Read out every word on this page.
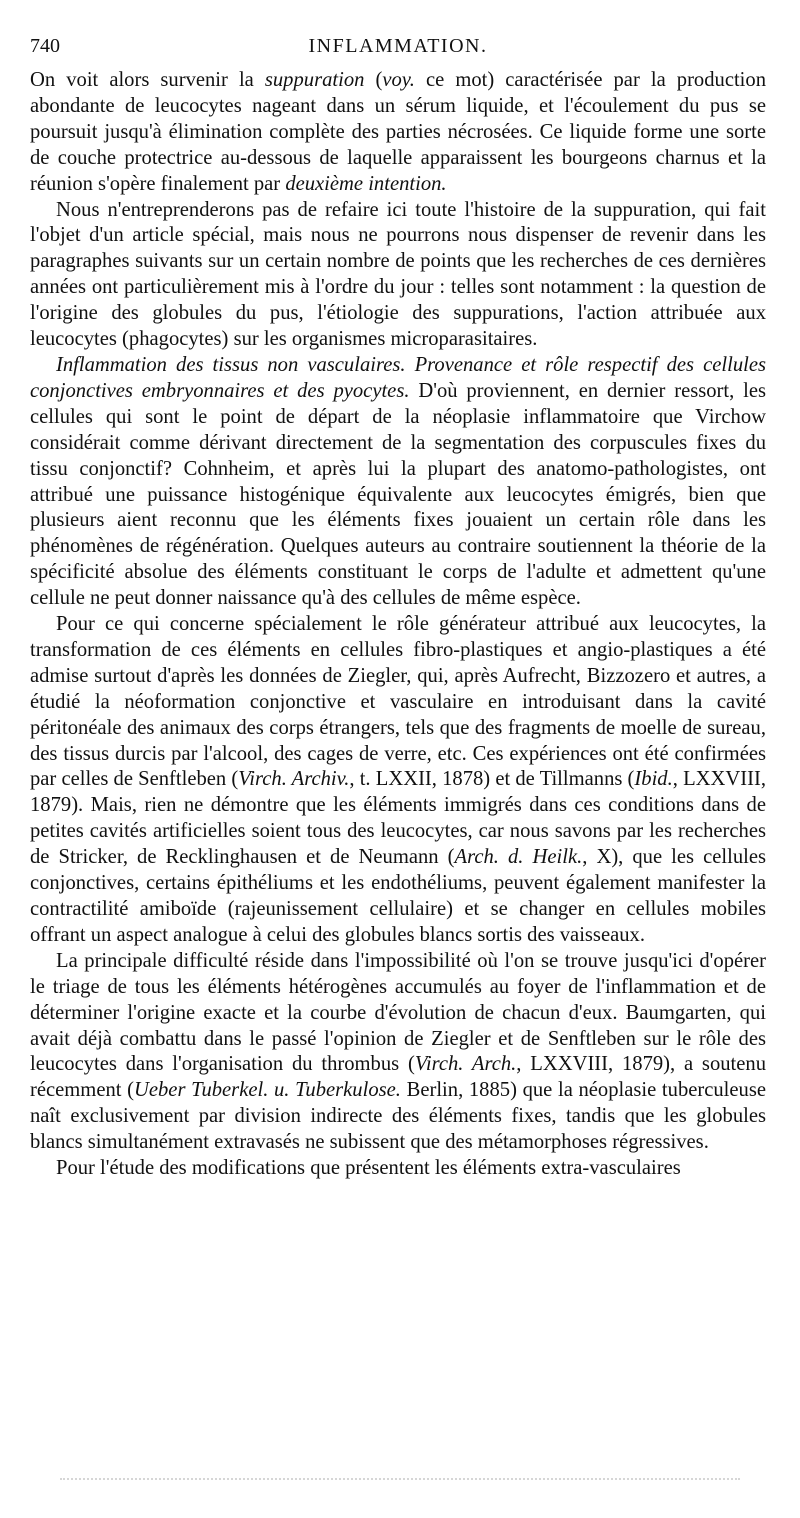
740	INFLAMMATION.

On voit alors survenir la suppuration (voy. ce mot) caractérisée par la production abondante de leucocytes nageant dans un sérum liquide, et l'écoulement du pus se poursuit jusqu'à élimination complète des parties nécrosées. Ce liquide forme une sorte de couche protectrice au-dessous de laquelle apparaissent les bourgeons charnus et la réunion s'opère finalement par deuxième intention.

Nous n'entreprenderons pas de refaire ici toute l'histoire de la suppuration, qui fait l'objet d'un article spécial, mais nous ne pourrons nous dispenser de revenir dans les paragraphes suivants sur un certain nombre de points que les recherches de ces dernières années ont particulièrement mis à l'ordre du jour : telles sont notamment : la question de l'origine des globules du pus, l'étiologie des suppurations, l'action attribuée aux leucocytes (phagocytes) sur les organismes microparasitaires.

Inflammation des tissus non vasculaires. Provenance et rôle respectif des cellules conjonctives embryonnaires et des pyocytes. D'où proviennent, en dernier ressort, les cellules qui sont le point de départ de la néoplasie inflammatoire que Virchow considérait comme dérivant directement de la segmentation des corpuscules fixes du tissu conjonctif? Cohnheim, et après lui la plupart des anatomo-pathologistes, ont attribué une puissance histogénique équivalente aux leucocytes émigrés, bien que plusieurs aient reconnu que les éléments fixes jouaient un certain rôle dans les phénomènes de régénération. Quelques auteurs au contraire soutiennent la théorie de la spécificité absolue des éléments constituant le corps de l'adulte et admettent qu'une cellule ne peut donner naissance qu'à des cellules de même espèce.

Pour ce qui concerne spécialement le rôle générateur attribué aux leucocytes, la transformation de ces éléments en cellules fibro-plastiques et angio-plastiques a été admise surtout d'après les données de Ziegler, qui, après Aufrecht, Bizzozero et autres, a étudié la néoformation conjonctive et vasculaire en introduisant dans la cavité péritonéale des animaux des corps étrangers, tels que des fragments de moelle de sureau, des tissus durcis par l'alcool, des cages de verre, etc. Ces expériences ont été confirmées par celles de Senftleben (Virch. Archiv., t. LXXII, 1878) et de Tillmanns (Ibid., LXXVIII, 1879). Mais, rien ne démontre que les éléments immigrés dans ces conditions dans de petites cavités artificielles soient tous des leucocytes, car nous savons par les recherches de Stricker, de Recklinghausen et de Neumann (Arch. d. Heilk., X), que les cellules conjonctives, certains épithéliums et les endothéliums, peuvent également manifester la contractilité amiboïde (rajeunissement cellulaire) et se changer en cellules mobiles offrant un aspect analogue à celui des globules blancs sortis des vaisseaux.

La principale difficulté réside dans l'impossibilité où l'on se trouve jusqu'ici d'opérer le triage de tous les éléments hétérogènes accumulés au foyer de l'inflammation et de déterminer l'origine exacte et la courbe d'évolution de chacun d'eux. Baumgarten, qui avait déjà combattu dans le passé l'opinion de Ziegler et de Senftleben sur le rôle des leucocytes dans l'organisation du thrombus (Virch. Arch., LXXVIII, 1879), a soutenu récemment (Ueber Tuberkel. u. Tuberkulose. Berlin, 1885) que la néoplasie tuberculeuse naît exclusivement par division indirecte des éléments fixes, tandis que les globules blancs simultanément extravasés ne subissent que des métamorphoses régressives.

Pour l'étude des modifications que présentent les éléments extra-vasculaires
